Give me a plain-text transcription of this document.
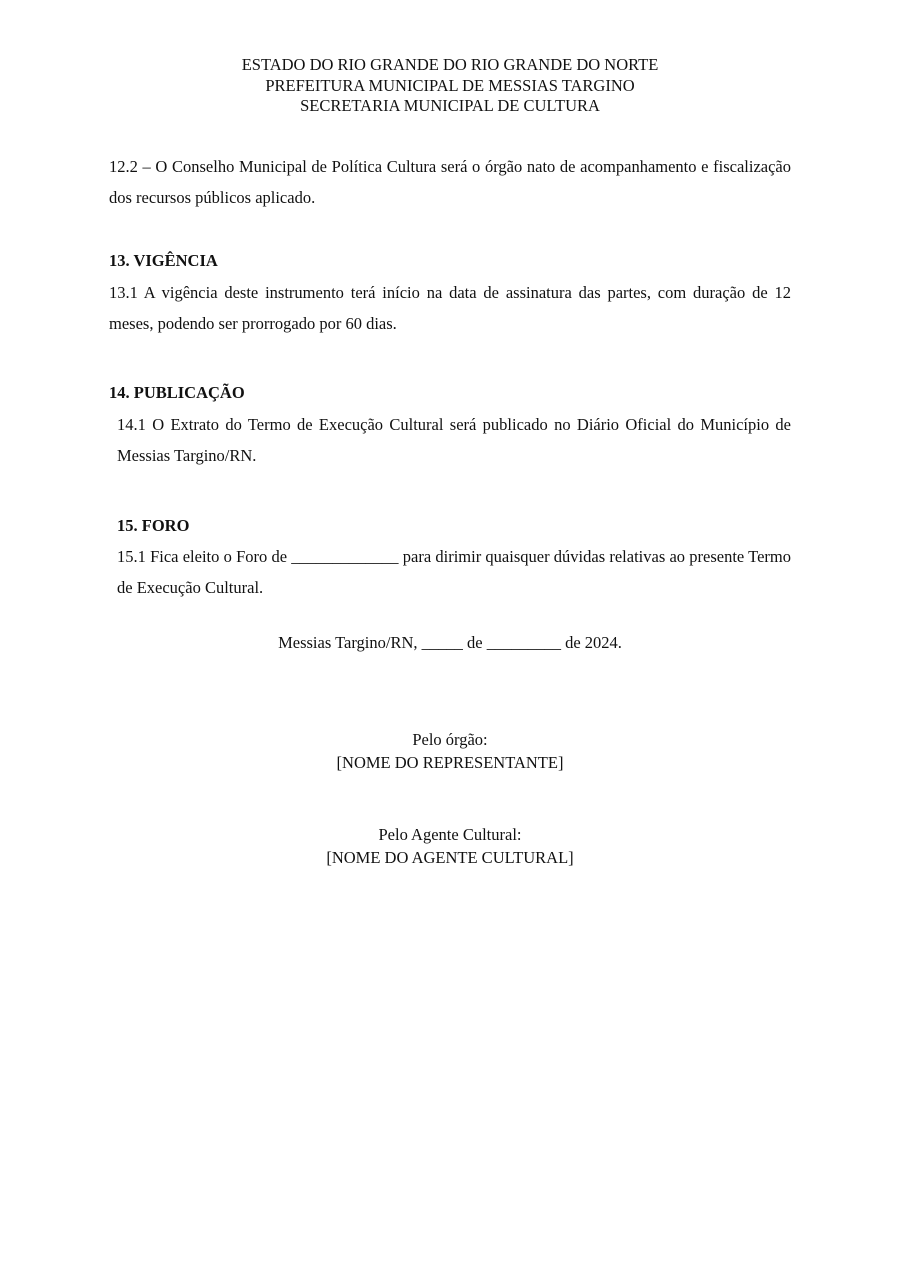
ESTADO DO RIO GRANDE DO RIO GRANDE DO NORTE
PREFEITURA MUNICIPAL DE MESSIAS TARGINO
SECRETARIA MUNICIPAL DE CULTURA

12.2 – O Conselho Municipal de Política Cultura será o órgão nato de acompanhamento e fiscalização dos recursos públicos aplicado.

13. VIGÊNCIA

13.1 A vigência deste instrumento terá início na data de assinatura das partes, com duração de 12 meses, podendo ser prorrogado por 60 dias.

14. PUBLICAÇÃO

14.1 O Extrato do Termo de Execução Cultural será publicado no Diário Oficial do Município de Messias Targino/RN.

15. FORO

15.1 Fica eleito o Foro de _____________ para dirimir quaisquer dúvidas relativas ao presente Termo de Execução Cultural.

Messias Targino/RN, _____ de _________ de 2024.
Pelo órgão:
[NOME DO REPRESENTANTE]
Pelo Agente Cultural:
[NOME DO AGENTE CULTURAL]
